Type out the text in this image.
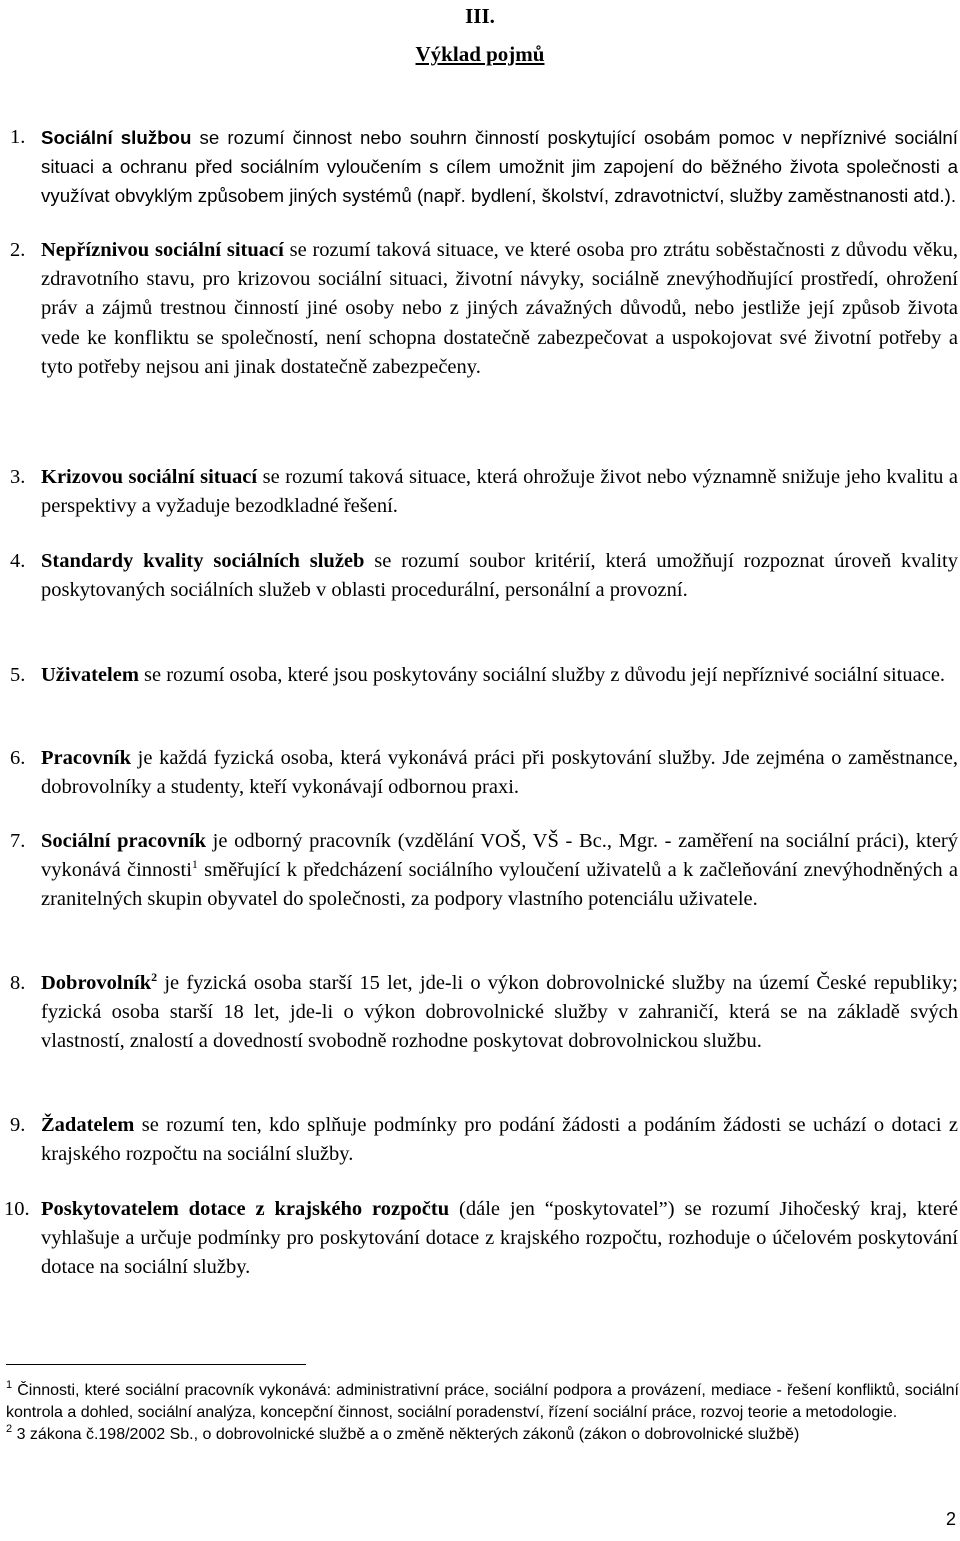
III.
Výklad pojmů
1. Sociální službou se rozumí činnost nebo souhrn činností poskytující osobám pomoc v nepříznivé sociální situaci a ochranu před sociálním vyloučením s cílem umožnit jim zapojení do běžného života společnosti a využívat obvyklým způsobem jiných systémů (např. bydlení, školství, zdravotnictví, služby zaměstnanosti atd.).
2. Nepříznivou sociální situací se rozumí taková situace, ve které osoba pro ztrátu soběstačnosti z důvodu věku, zdravotního stavu, pro krizovou sociální situaci, životní návyky, sociálně znevýhodňující prostředí, ohrožení práv a zájmů trestnou činností jiné osoby nebo z jiných závažných důvodů, nebo jestliže její způsob života vede ke konfliktu se společností, není schopna dostatečně zabezpečovat a uspokojovat své životní potřeby a tyto potřeby nejsou ani jinak dostatečně zabezpečeny.
3. Krizovou sociální situací se rozumí taková situace, která ohrožuje život nebo významně snižuje jeho kvalitu a perspektivy a vyžaduje bezodkladné řešení.
4. Standardy kvality sociálních služeb se rozumí soubor kritérií, která umožňují rozpoznat úroveň kvality poskytovaných sociálních služeb v oblasti procedurální, personální a provozní.
5. Uživatelem se rozumí osoba, které jsou poskytovány sociální služby z důvodu její nepříznivé sociální situace.
6. Pracovník je každá fyzická osoba, která vykonává práci při poskytování služby. Jde zejména o zaměstnance, dobrovolníky a studenty, kteří vykonávají odbornou praxi.
7. Sociální pracovník je odborný pracovník (vzdělání VOŠ, VŠ - Bc., Mgr. - zaměření na sociální práci), který vykonává činnosti$^1$ směřující k předcházení sociálního vyloučení uživatelů a k začleňování znevýhodněných a zranitelných skupin obyvatel do společnosti, za podpory vlastního potenciálu uživatele.
8. Dobrovolník$^2$ je fyzická osoba starší 15 let, jde-li o výkon dobrovolnické služby na území České republiky; fyzická osoba starší 18 let, jde-li o výkon dobrovolnické služby v zahraničí, která se na základě svých vlastností, znalostí a dovedností svobodně rozhodne poskytovat dobrovolnickou službu.
9. Žadatelem se rozumí ten, kdo splňuje podmínky pro podání žádosti a podáním žádosti se uchází o dotaci z krajského rozpočtu na sociální služby.
10. Poskytovatelem dotace z krajského rozpočtu (dále jen “poskytovatel”) se rozumí Jihočeský kraj, které vyhlašuje a určuje podmínky pro poskytování dotace z krajského rozpočtu, rozhoduje o účelovém poskytování dotace na sociální služby.

$^1$ Činnosti, které sociální pracovník vykonává: administrativní práce, sociální podpora a provázení, mediace - řešení konfliktů, sociální kontrola a dohled, sociální analýza, koncepční činnost, sociální poradenství, řízení sociální práce, rozvoj teorie a metodologie.

$^2$ 3 zákona č.198/2002 Sb., o dobrovolnické službě a o změně některých zákonů (zákon o dobrovolnické službě)

2
